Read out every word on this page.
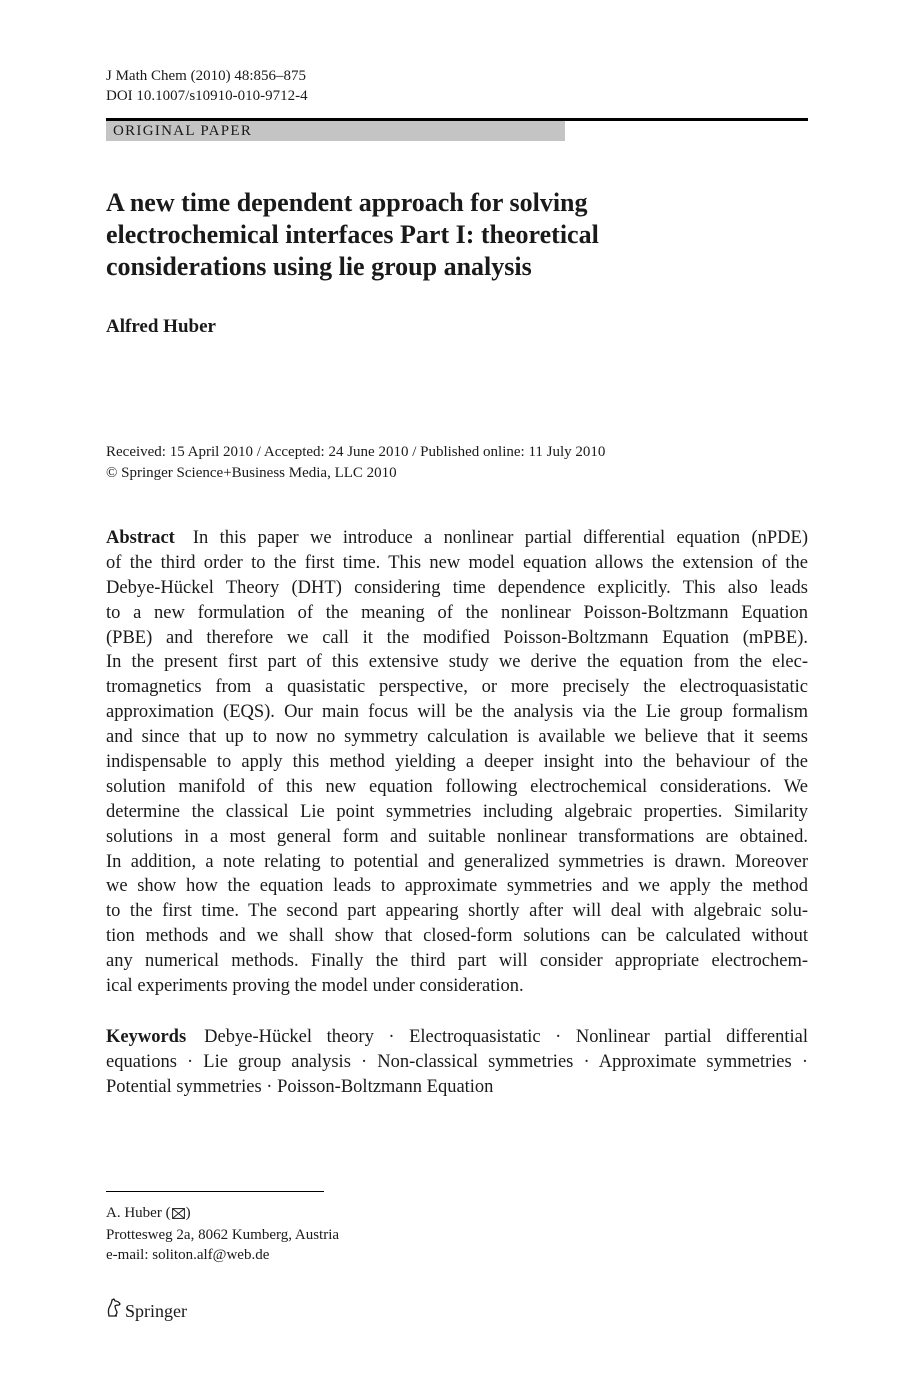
J Math Chem (2010) 48:856–875
DOI 10.1007/s10910-010-9712-4
ORIGINAL PAPER
A new time dependent approach for solving
electrochemical interfaces Part I: theoretical
considerations using lie group analysis
Alfred Huber
Received: 15 April 2010 / Accepted: 24 June 2010 / Published online: 11 July 2010
© Springer Science+Business Media, LLC 2010
Abstract In this paper we introduce a nonlinear partial differential equation (nPDE)
of the third order to the first time. This new model equation allows the extension of the
Debye-Hückel Theory (DHT) considering time dependence explicitly. This also leads
to a new formulation of the meaning of the nonlinear Poisson-Boltzmann Equation
(PBE) and therefore we call it the modified Poisson-Boltzmann Equation (mPBE).
In the present first part of this extensive study we derive the equation from the elec-
tromagnetics from a quasistatic perspective, or more precisely the electroquasistatic
approximation (EQS). Our main focus will be the analysis via the Lie group formalism
and since that up to now no symmetry calculation is available we believe that it seems
indispensable to apply this method yielding a deeper insight into the behaviour of the
solution manifold of this new equation following electrochemical considerations. We
determine the classical Lie point symmetries including algebraic properties. Similarity
solutions in a most general form and suitable nonlinear transformations are obtained.
In addition, a note relating to potential and generalized symmetries is drawn. Moreover
we show how the equation leads to approximate symmetries and we apply the method
to the first time. The second part appearing shortly after will deal with algebraic solu-
tion methods and we shall show that closed-form solutions can be calculated without
any numerical methods. Finally the third part will consider appropriate electrochem-
ical experiments proving the model under consideration.
Keywords Debye-Hückel theory · Electroquasistatic · Nonlinear partial differential
equations · Lie group analysis · Non-classical symmetries · Approximate symmetries ·
Potential symmetries · Poisson-Boltzmann Equation
A. Huber ( )
Prottesweg 2a, 8062 Kumberg, Austria
e-mail: soliton.alf@web.de
Springer
